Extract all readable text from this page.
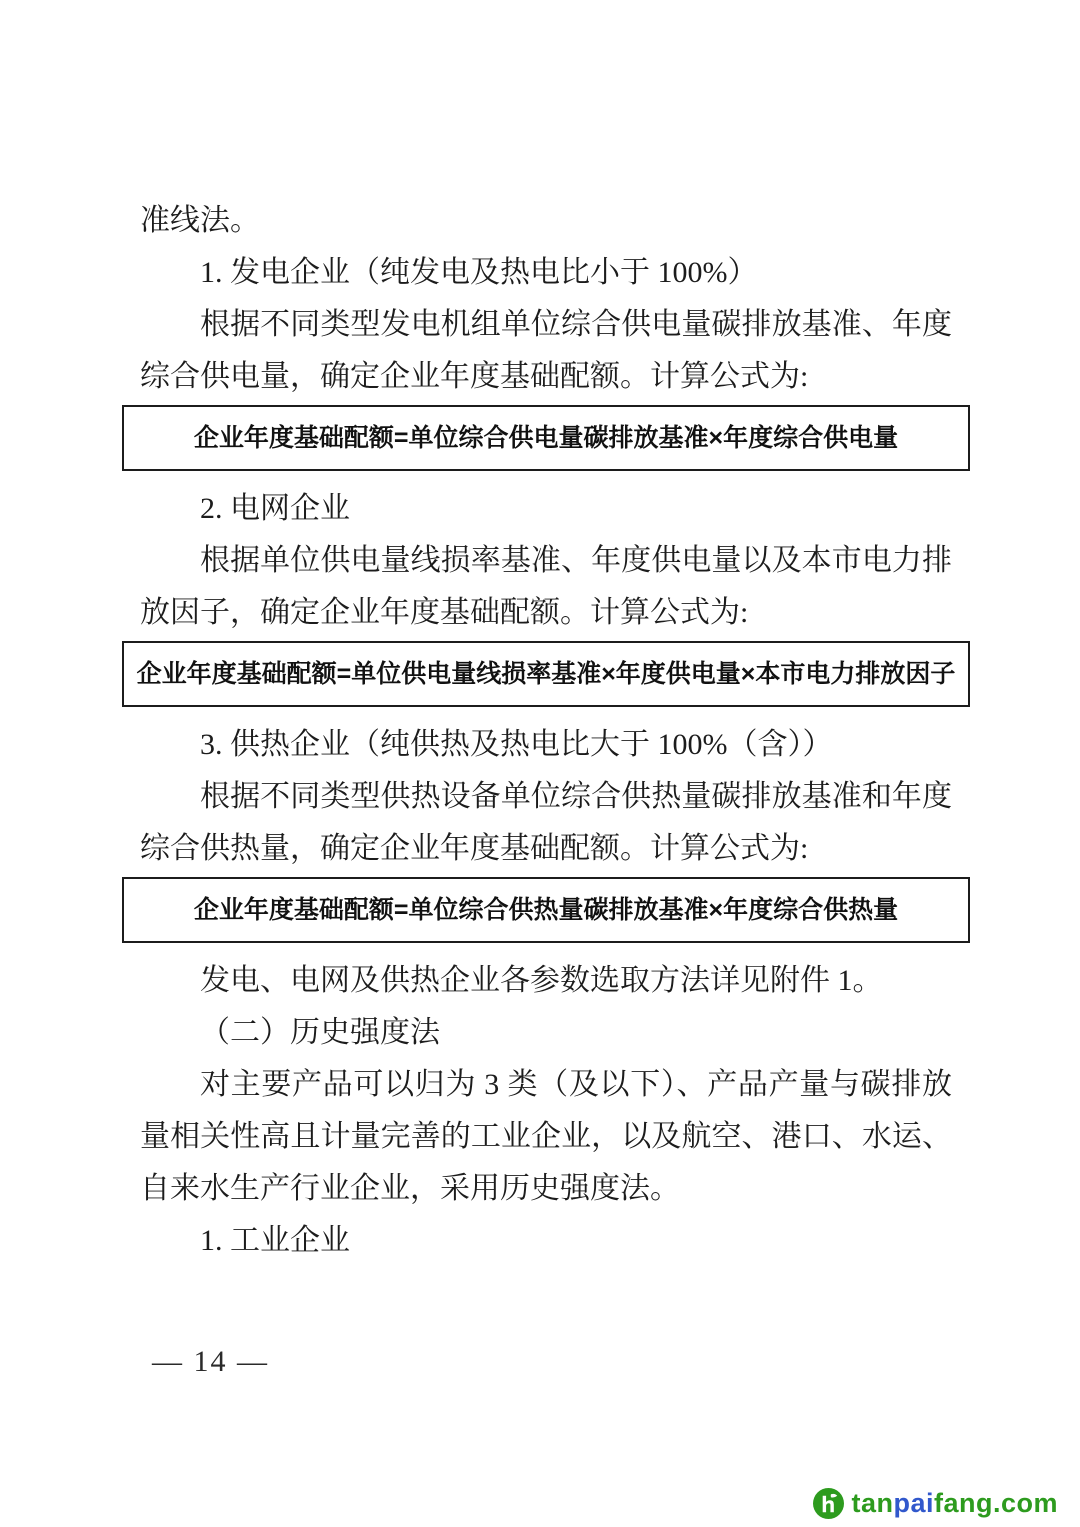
准线法。

1. 发电企业（纯发电及热电比小于 100%）

根据不同类型发电机组单位综合供电量碳排放基准、年度综合供电量，确定企业年度基础配额。计算公式为:

企业年度基础配额=单位综合供电量碳排放基准×年度综合供电量
2. 电网企业

根据单位供电量线损率基准、年度供电量以及本市电力排放因子，确定企业年度基础配额。计算公式为:

企业年度基础配额=单位供电量线损率基准×年度供电量×本市电力排放因子
3. 供热企业（纯供热及热电比大于 100%（含））

根据不同类型供热设备单位综合供热量碳排放基准和年度综合供热量，确定企业年度基础配额。计算公式为:

企业年度基础配额=单位综合供热量碳排放基准×年度综合供热量

发电、电网及供热企业各参数选取方法详见附件 1。

（二）历史强度法

对主要产品可以归为 3 类（及以下）、产品产量与碳排放量相关性高且计量完善的工业企业，以及航空、港口、水运、自来水生产行业企业，采用历史强度法。

1. 工业企业
— 14 —
tanpaifang.com
